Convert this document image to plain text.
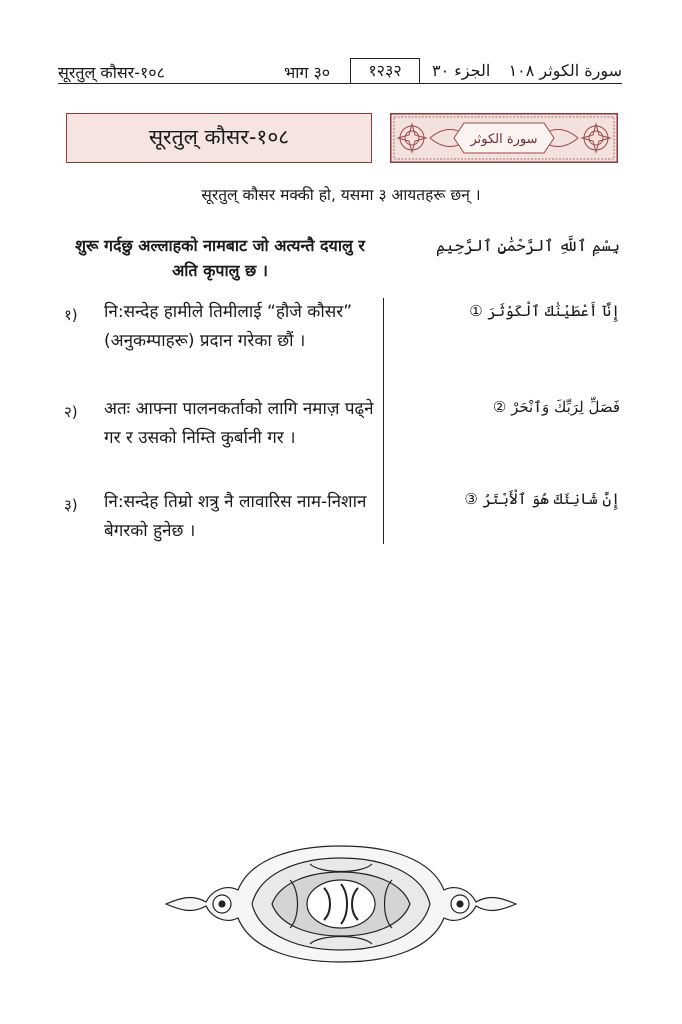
सूरतुल् कौसर-१०८	भाग ३०	१२३२	الجزء ٣٠ سورة الكوثر ١٠٨
सूरतुल् कौसर-१०८	سورة الكوثر
सूरतुल् कौसर मक्की हो, यसमा ३ आयतहरू छन् ।
शुरू गर्दछु अल्लाहको नामबाट जो अत्यन्तै दयालु र अति कृपालु छ ।
بِسْمِ ٱللَّهِ ٱلرَّحْمَٰنِ ٱلرَّحِيمِ
१) नि:सन्देह हामीले तिमीलाई “हौजे कौसर” (अनुकम्पाहरू) प्रदान गरेका छौं ।
إِنَّآ أَعْطَيْنَٰكَ ٱلْكَوْثَرَ ①
२) अतः आफ्ना पालनकर्ताको लागि नमाज़ पढ्ने गर र उसको निम्ति कुर्बानी गर ।
فَصَلِّ لِرَبِّكَ وَٱنْحَرْ ②
३) नि:सन्देह तिम्रो शत्रु नै लावारिस नाम-निशान बेगरको हुनेछ ।
إِنَّ شَانِئَكَ هُوَ ٱلْأَبْتَرُ ③
